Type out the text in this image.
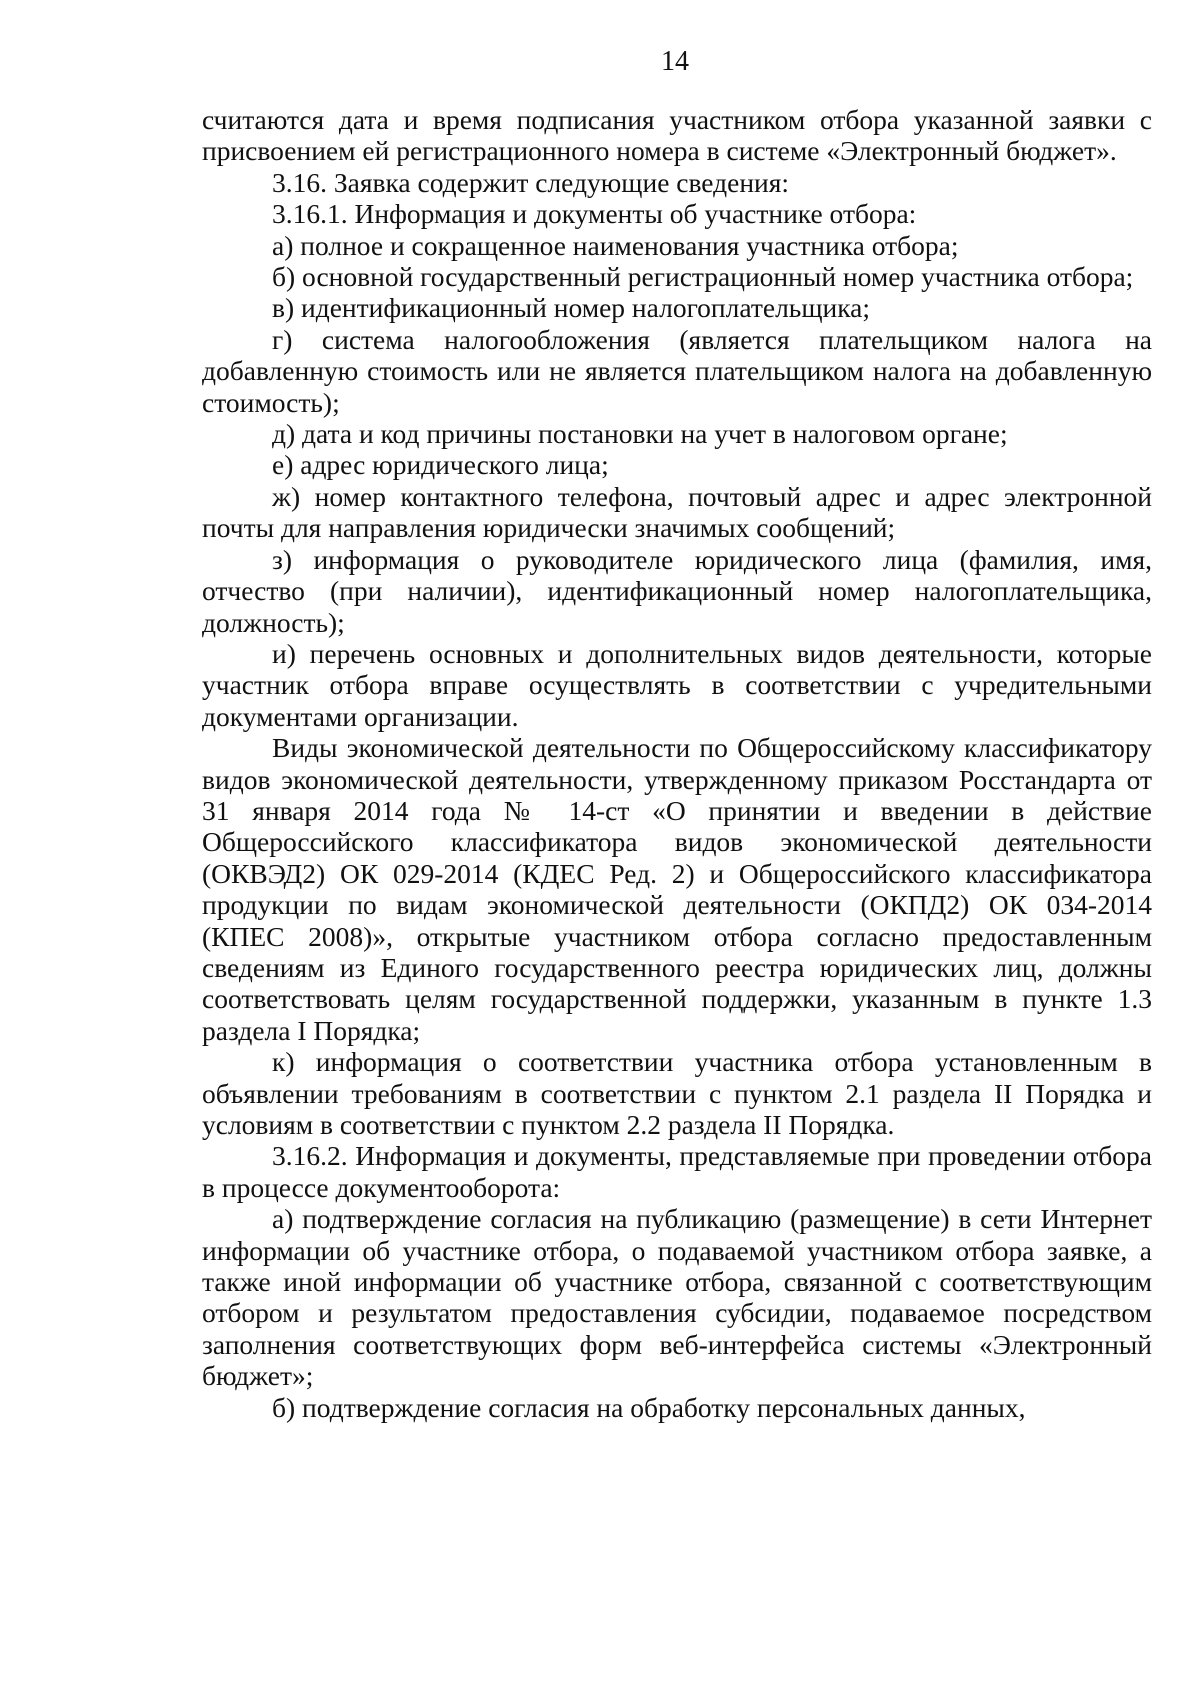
14

считаются дата и время подписания участником отбора указанной заявки с присвоением ей регистрационного номера в системе «Электронный бюджет».

3.16. Заявка содержит следующие сведения:

3.16.1. Информация и документы об участнике отбора:

а) полное и сокращенное наименования участника отбора;

б) основной государственный регистрационный номер участника отбора;

в) идентификационный номер налогоплательщика;

г) система налогообложения (является плательщиком налога на добавленную стоимость или не является плательщиком налога на добавленную стоимость);

д) дата и код причины постановки на учет в налоговом органе;

е) адрес юридического лица;

ж) номер контактного телефона, почтовый адрес и адрес электронной почты для направления юридически значимых сообщений;

з) информация о руководителе юридического лица (фамилия, имя, отчество (при наличии), идентификационный номер налогоплательщика, должность);

и) перечень основных и дополнительных видов деятельности, которые участник отбора вправе осуществлять в соответствии с учредительными документами организации.

Виды экономической деятельности по Общероссийскому классификатору видов экономической деятельности, утвержденному приказом Росстандарта от 31 января 2014 года № 14-ст «О принятии и введении в действие Общероссийского классификатора видов экономической деятельности (ОКВЭД2) ОК 029-2014 (КДЕС Ред. 2) и Общероссийского классификатора продукции по видам экономической деятельности (ОКПД2) ОК 034-2014 (КПЕС 2008)», открытые участником отбора согласно предоставленным сведениям из Единого государственного реестра юридических лиц, должны соответствовать целям государственной поддержки, указанным в пункте 1.3 раздела I Порядка;

к) информация о соответствии участника отбора установленным в объявлении требованиям в соответствии с пунктом 2.1 раздела II Порядка и условиям в соответствии с пунктом 2.2 раздела II Порядка.

3.16.2. Информация и документы, представляемые при проведении отбора в процессе документооборота:

а) подтверждение согласия на публикацию (размещение) в сети Интернет информации об участнике отбора, о подаваемой участником отбора заявке, а также иной информации об участнике отбора, связанной с соответствующим отбором и результатом предоставления субсидии, подаваемое посредством заполнения соответствующих форм веб-интерфейса системы «Электронный бюджет»;

б) подтверждение согласия на обработку персональных данных,
